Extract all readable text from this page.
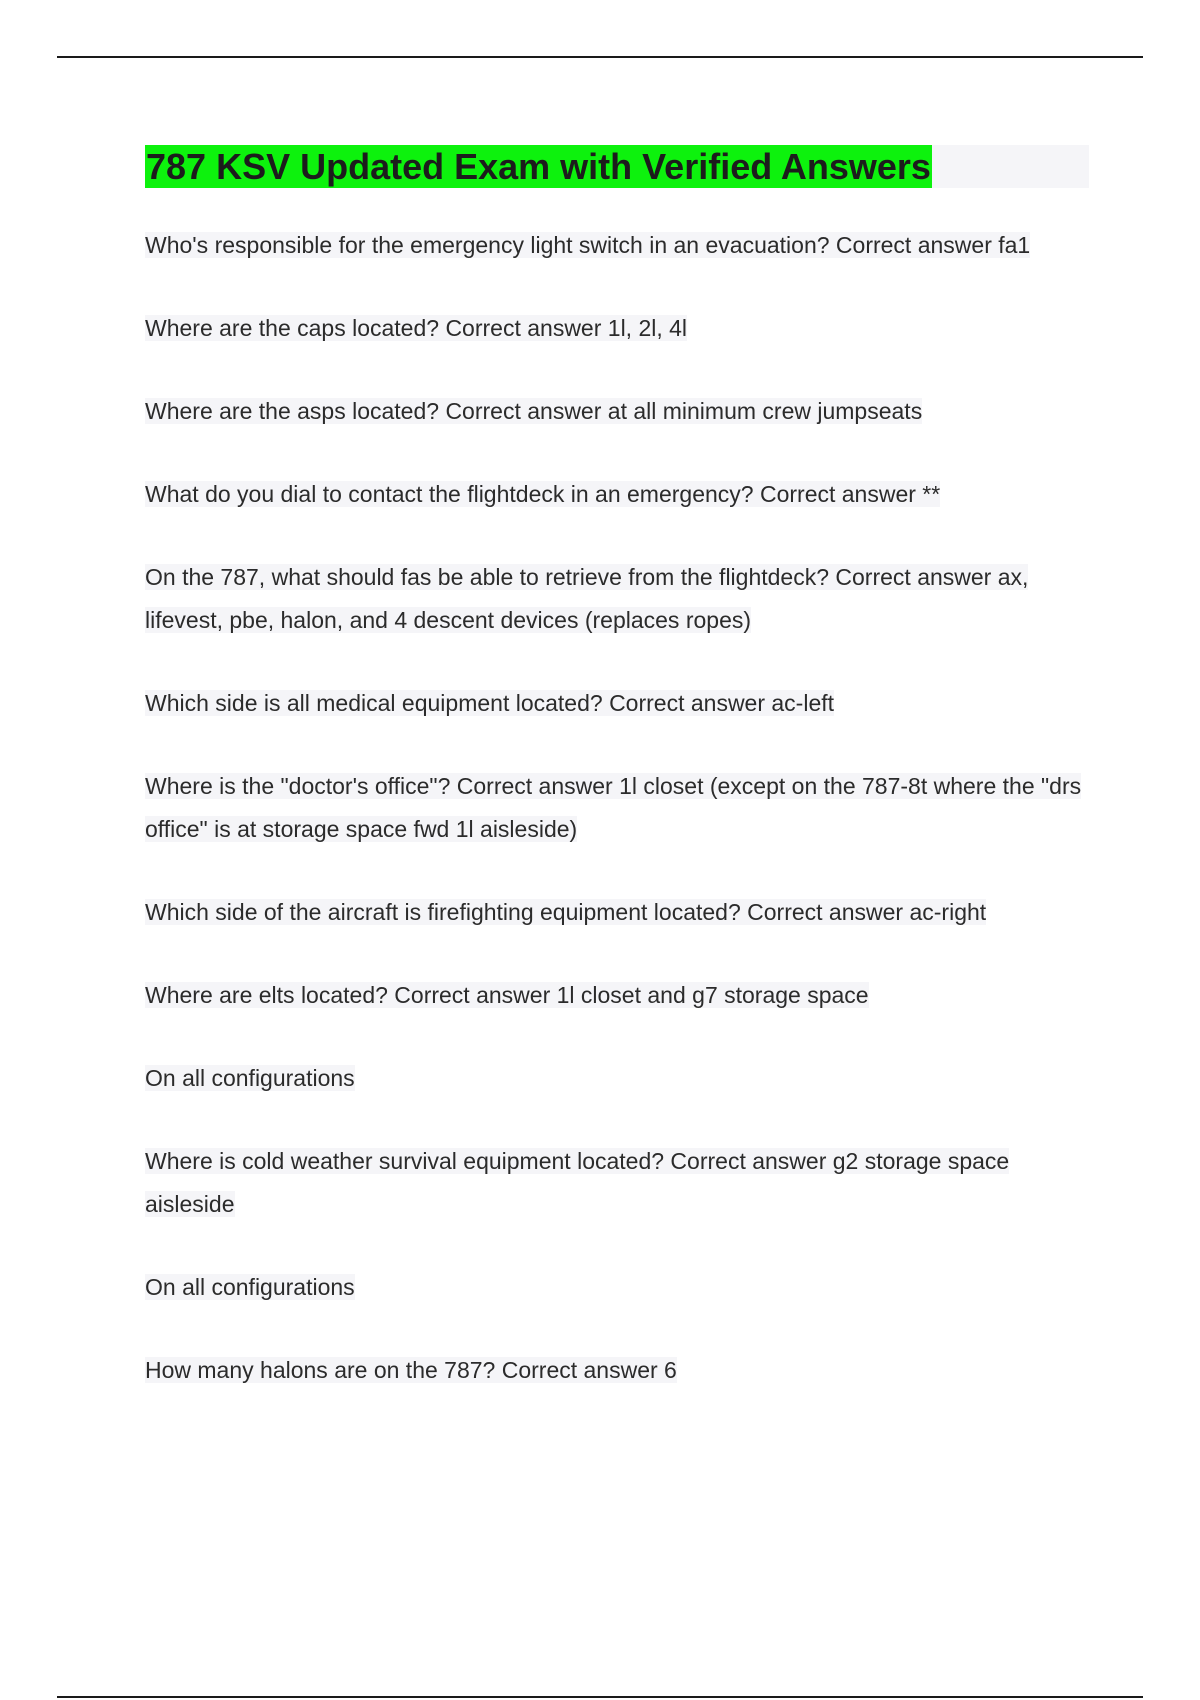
787 KSV Updated Exam with Verified Answers

Who's responsible for the emergency light switch in an evacuation? Correct answer fa1

Where are the caps located? Correct answer 1l, 2l, 4l

Where are the asps located? Correct answer at all minimum crew jumpseats

What do you dial to contact the flightdeck in an emergency? Correct answer **

On the 787, what should fas be able to retrieve from the flightdeck? Correct answer ax, lifevest, pbe, halon, and 4 descent devices (replaces ropes)

Which side is all medical equipment located? Correct answer ac-left

Where is the "doctor's office"? Correct answer 1l closet (except on the 787-8t where the "drs office" is at storage space fwd 1l aisleside)

Which side of the aircraft is firefighting equipment located? Correct answer ac-right

Where are elts located? Correct answer 1l closet and g7 storage space

On all configurations

Where is cold weather survival equipment located? Correct answer g2 storage space aisleside

On all configurations

How many halons are on the 787? Correct answer 6
